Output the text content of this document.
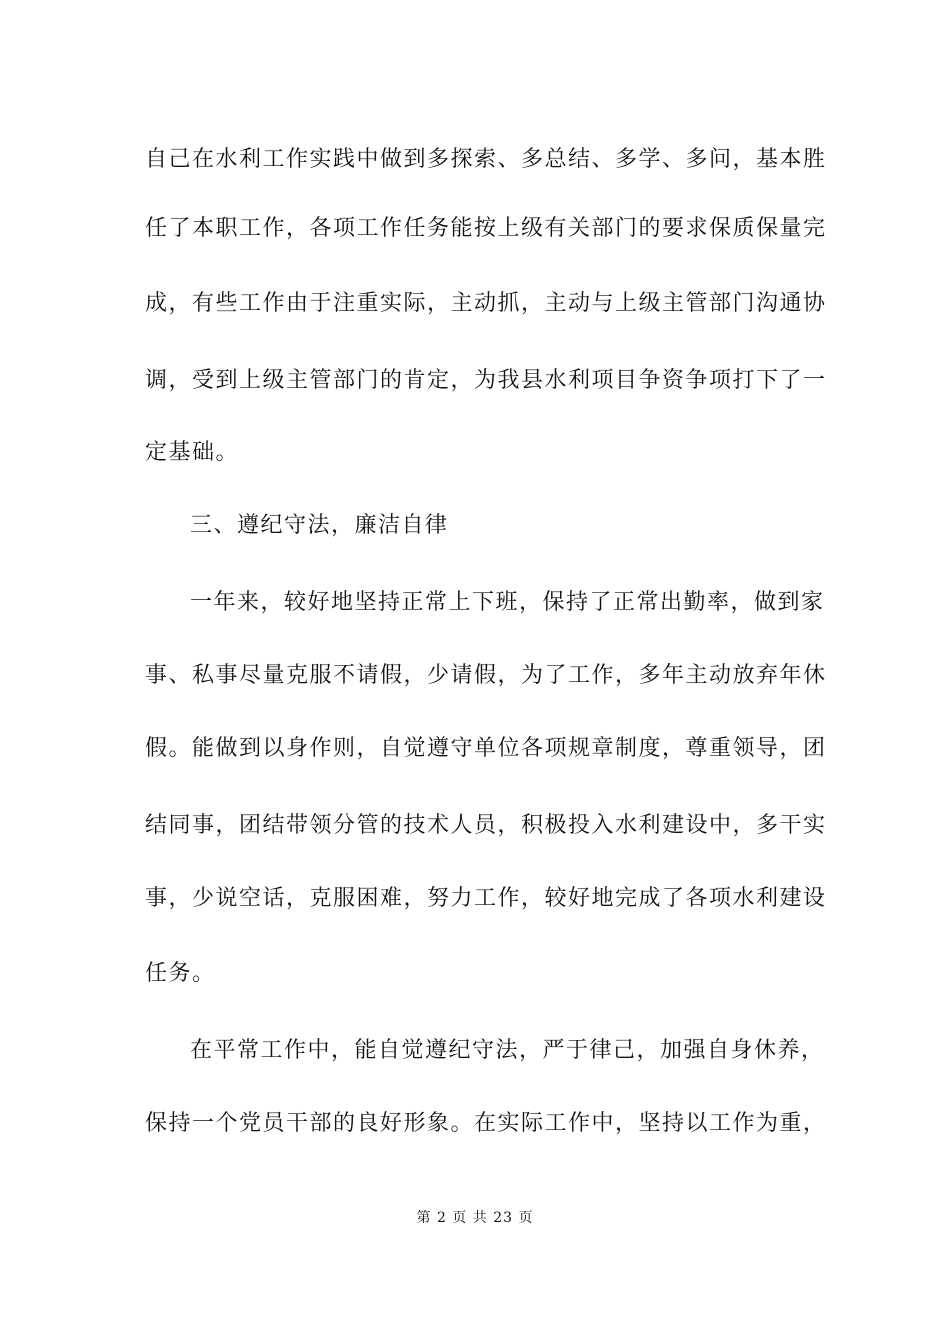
自己在水利工作实践中做到多探索、多总结、多学、多问，基本胜
任了本职工作，各项工作任务能按上级有关部门的要求保质保量完
成，有些工作由于注重实际，主动抓，主动与上级主管部门沟通协
调，受到上级主管部门的肯定，为我县水利项目争资争项打下了一
定基础。
三、遵纪守法，廉洁自律
一年来，较好地坚持正常上下班，保持了正常出勤率，做到家
事、私事尽量克服不请假，少请假，为了工作，多年主动放弃年休
假。能做到以身作则，自觉遵守单位各项规章制度，尊重领导，团
结同事，团结带领分管的技术人员，积极投入水利建设中，多干实
事，少说空话，克服困难，努力工作，较好地完成了各项水利建设
任务。
在平常工作中，能自觉遵纪守法，严于律己，加强自身休养，
保持一个党员干部的良好形象。在实际工作中，坚持以工作为重，
第 2 页 共 23 页
